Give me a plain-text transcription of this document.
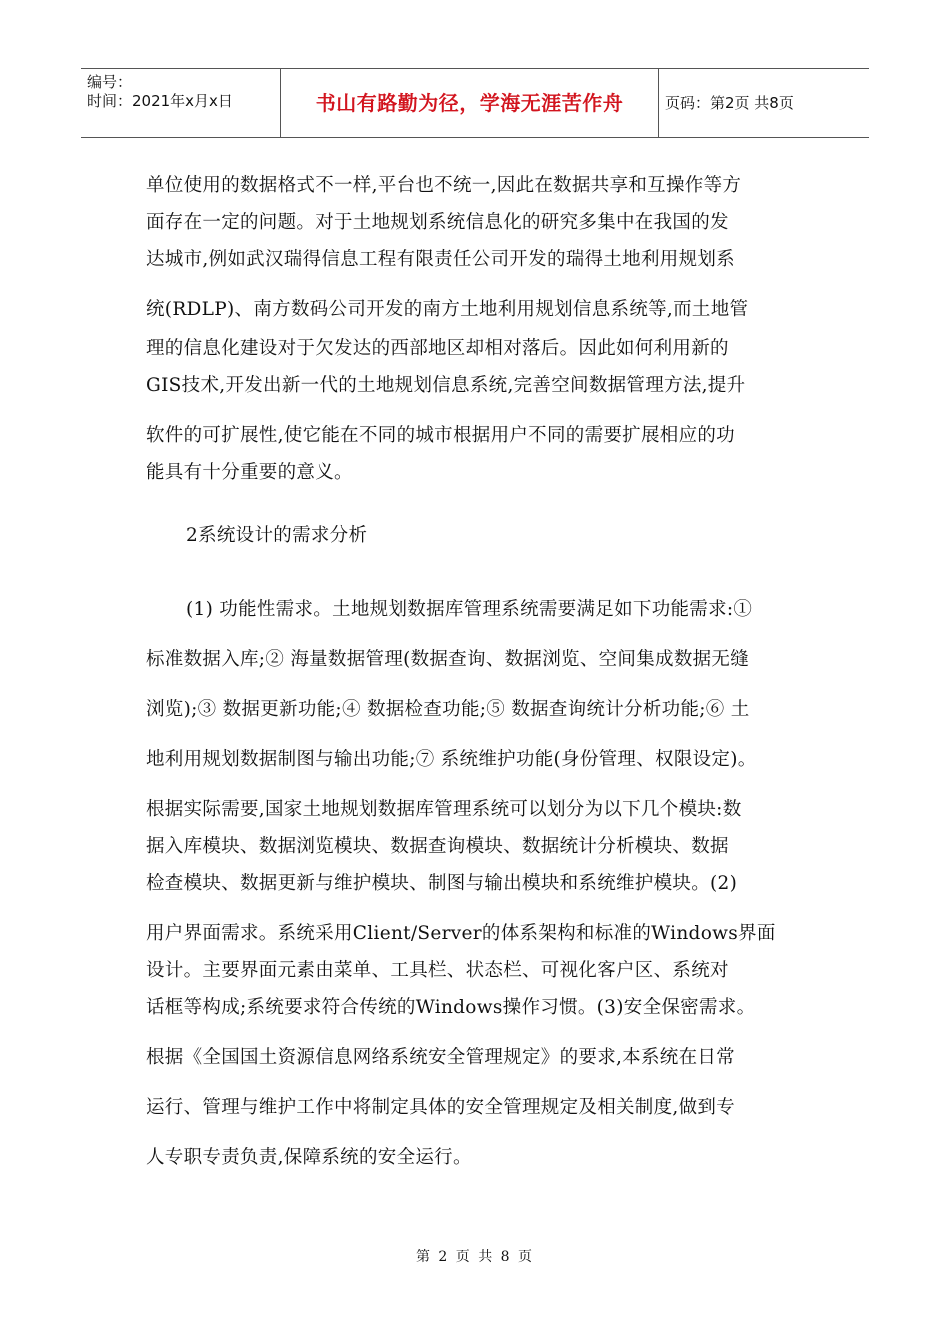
编号：
时间：2021年x月x日	书山有路勤为径，学海无涯苦作舟	页码：第2页 共8页
单位使用的数据格式不一样,平台也不统一,因此在数据共享和互操作等方
面存在一定的问题。对于土地规划系统信息化的研究多集中在我国的发
达城市,例如武汉瑞得信息工程有限责任公司开发的瑞得土地利用规划系
统(RDLP)、南方数码公司开发的南方土地利用规划信息系统等,而土地管
理的信息化建设对于欠发达的西部地区却相对落后。因此如何利用新的
GIS技术,开发出新一代的土地规划信息系统,完善空间数据管理方法,提升
软件的可扩展性,使它能在不同的城市根据用户不同的需要扩展相应的功
能具有十分重要的意义。
2系统设计的需求分析
(1) 功能性需求。土地规划数据库管理系统需要满足如下功能需求:①
标准数据入库;② 海量数据管理(数据查询、数据浏览、空间集成数据无缝
浏览);③ 数据更新功能;④ 数据检查功能;⑤ 数据查询统计分析功能;⑥ 土
地利用规划数据制图与输出功能;⑦ 系统维护功能(身份管理、权限设定)。
根据实际需要,国家土地规划数据库管理系统可以划分为以下几个模块:数
据入库模块、数据浏览模块、数据查询模块、数据统计分析模块、数据
检查模块、数据更新与维护模块、制图与输出模块和系统维护模块。(2)
用户界面需求。系统采用Client/Server的体系架构和标准的Windows界面
设计。主要界面元素由菜单、工具栏、状态栏、可视化客户区、系统对
话框等构成;系统要求符合传统的Windows操作习惯。(3)安全保密需求。
根据《全国国土资源信息网络系统安全管理规定》的要求,本系统在日常
运行、管理与维护工作中将制定具体的安全管理规定及相关制度,做到专
人专职专责负责,保障系统的安全运行。
第 2 页 共 8 页
